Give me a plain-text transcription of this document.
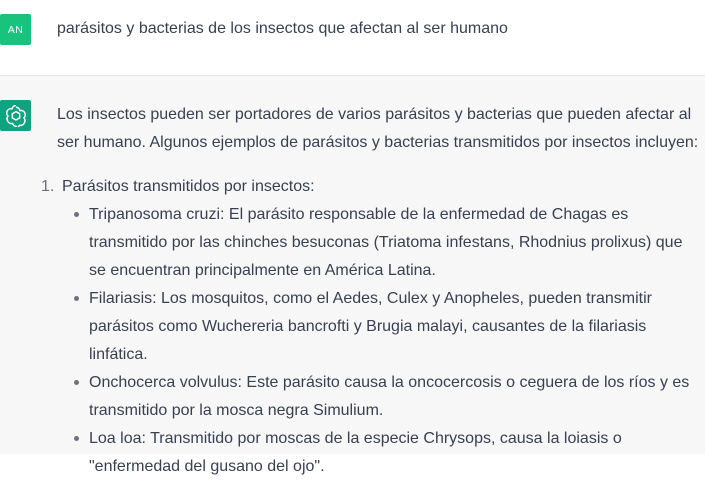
AN	parásitos y bacterias de los insectos que afectan al ser humano

Los insectos pueden ser portadores de varios parásitos y bacterias que pueden afectar al ser humano. Algunos ejemplos de parásitos y bacterias transmitidos por insectos incluyen:

1. Parásitos transmitidos por insectos:
Tripanosoma cruzi: El parásito responsable de la enfermedad de Chagas es transmitido por las chinches besuconas (Triatoma infestans, Rhodnius prolixus) que se encuentran principalmente en América Latina.
Filariasis: Los mosquitos, como el Aedes, Culex y Anopheles, pueden transmitir parásitos como Wuchereria bancrofti y Brugia malayi, causantes de la filariasis linfática.
Onchocerca volvulus: Este parásito causa la oncocercosis o ceguera de los ríos y es transmitido por la mosca negra Simulium.
Loa loa: Transmitido por moscas de la especie Chrysops, causa la loiasis o "enfermedad del gusano del ojo".
